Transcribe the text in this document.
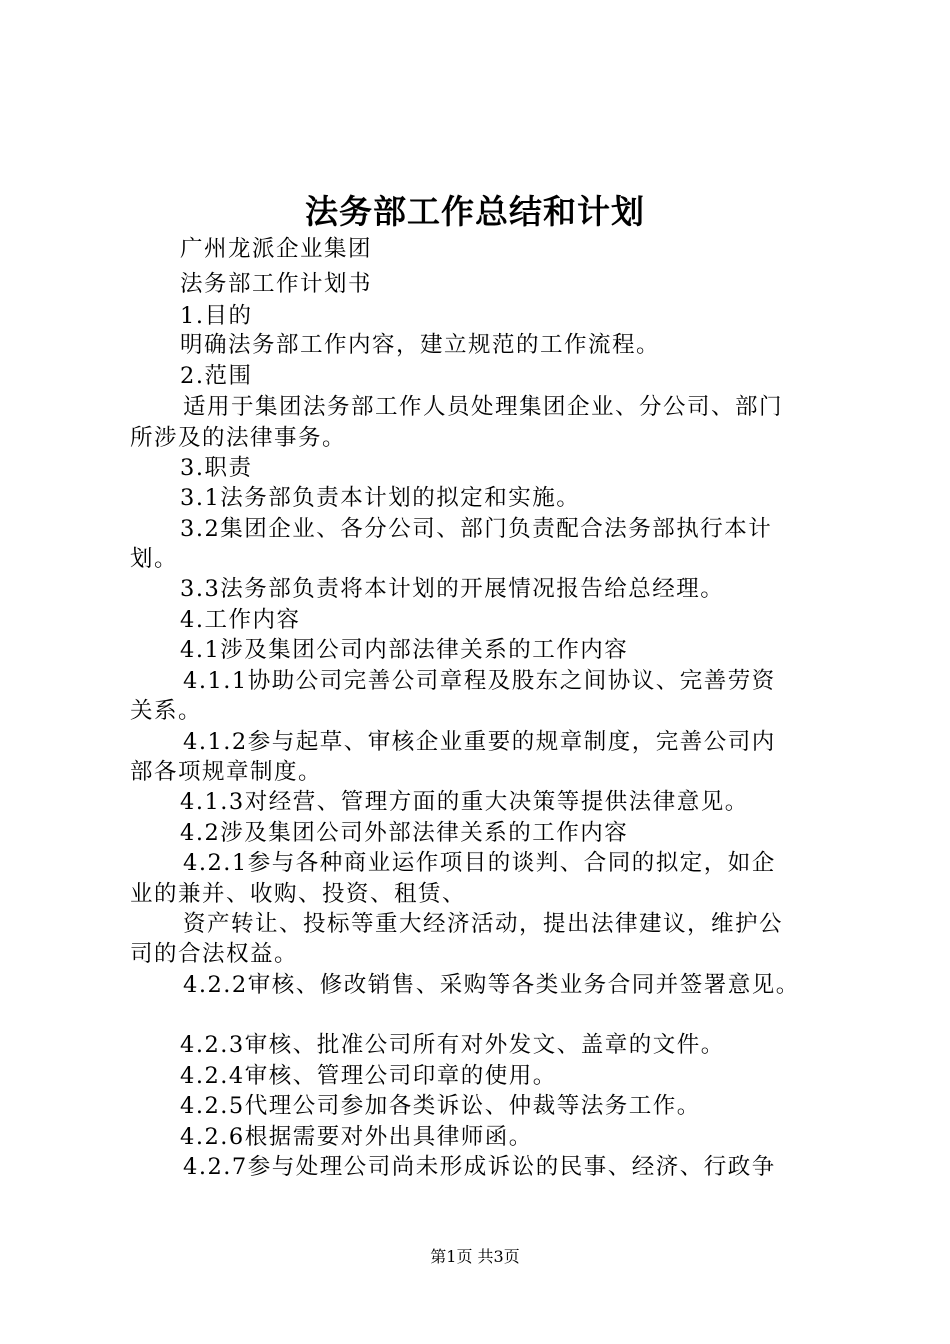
法务部工作总结和计划
广州龙派企业集团
法务部工作计划书
1.目的
明确法务部工作内容，建立规范的工作流程。
2.范围
适用于集团法务部工作人员处理集团企业、分公司、部门
所涉及的法律事务。
3.职责
3.1法务部负责本计划的拟定和实施。
3.2集团企业、各分公司、部门负责配合法务部执行本计
划。
3.3法务部负责将本计划的开展情况报告给总经理。
4.工作内容
4.1涉及集团公司内部法律关系的工作内容
4.1.1协助公司完善公司章程及股东之间协议、完善劳资
关系。
4.1.2参与起草、审核企业重要的规章制度，完善公司内
部各项规章制度。
4.1.3对经营、管理方面的重大决策等提供法律意见。
4.2涉及集团公司外部法律关系的工作内容
4.2.1参与各种商业运作项目的谈判、合同的拟定，如企
业的兼并、收购、投资、租赁、
资产转让、投标等重大经济活动，提出法律建议，维护公
司的合法权益。
4.2.2审核、修改销售、采购等各类业务合同并签署意见。
4.2.3审核、批准公司所有对外发文、盖章的文件。
4.2.4审核、管理公司印章的使用。
4.2.5代理公司参加各类诉讼、仲裁等法务工作。
4.2.6根据需要对外出具律师函。
4.2.7参与处理公司尚未形成诉讼的民事、经济、行政争
第1页 共3页
